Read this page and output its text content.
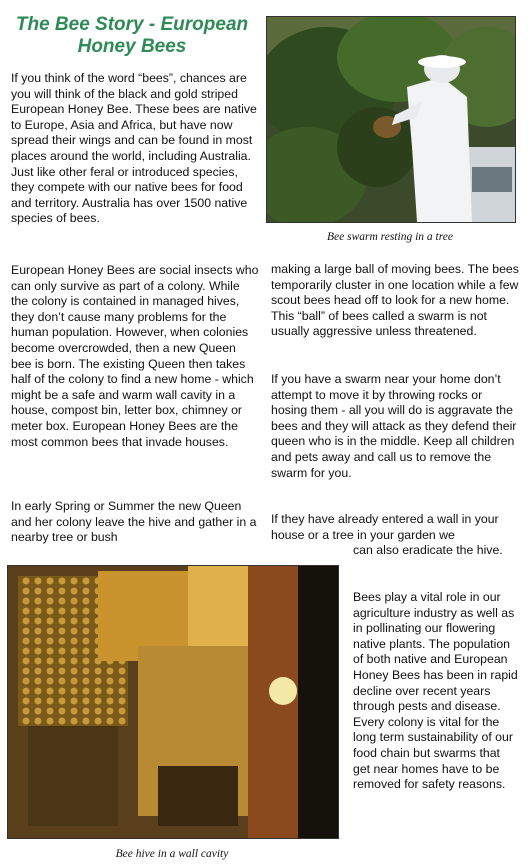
The Bee Story - European Honey Bees

If you think of the word “bees”, chances are you will think of the black and gold striped European Honey Bee. These bees are native to Europe, Asia and Africa, but have now spread their wings and can be found in most places around the world, including Australia. Just like other feral or introduced species, they compete with our native bees for food and territory. Australia has over 1500 native species of bees.

European Honey Bees are social insects who can only survive as part of a colony. While the colony is contained in managed hives, they don’t cause many problems for the human population. However, when colonies become overcrowded, then a new Queen bee is born. The existing Queen then takes half of the colony to find a new home - which might be a safe and warm wall cavity in a house, compost bin, letter box, chimney or meter box. European Honey Bees are the most common bees that invade houses.

In early Spring or Summer the new Queen and her colony leave the hive and gather in a nearby tree or bush

Bee swarm resting in a tree

making a large ball of moving bees. The bees temporarily cluster in one location while a few scout bees head off to look for a new home. This “ball” of bees called a swarm is not usually aggressive unless threatened.

If you have a swarm near your home don’t attempt to move it by throwing rocks or hosing them - all you will do is aggravate the bees and they will attack as they defend their queen who is in the middle. Keep all children and pets away and call us to remove the swarm for you.

If they have already entered a wall in your house or a tree in your garden we

can also eradicate the hive.

Bees play a vital role in our agriculture industry as well as in pollinating our flowering native plants. The population of both native and European Honey Bees has been in rapid decline over recent years through pests and disease. Every colony is vital for the long term sustainability of our food chain but swarms that get near homes have to be removed for safety reasons.

Bee hive in a wall cavity
